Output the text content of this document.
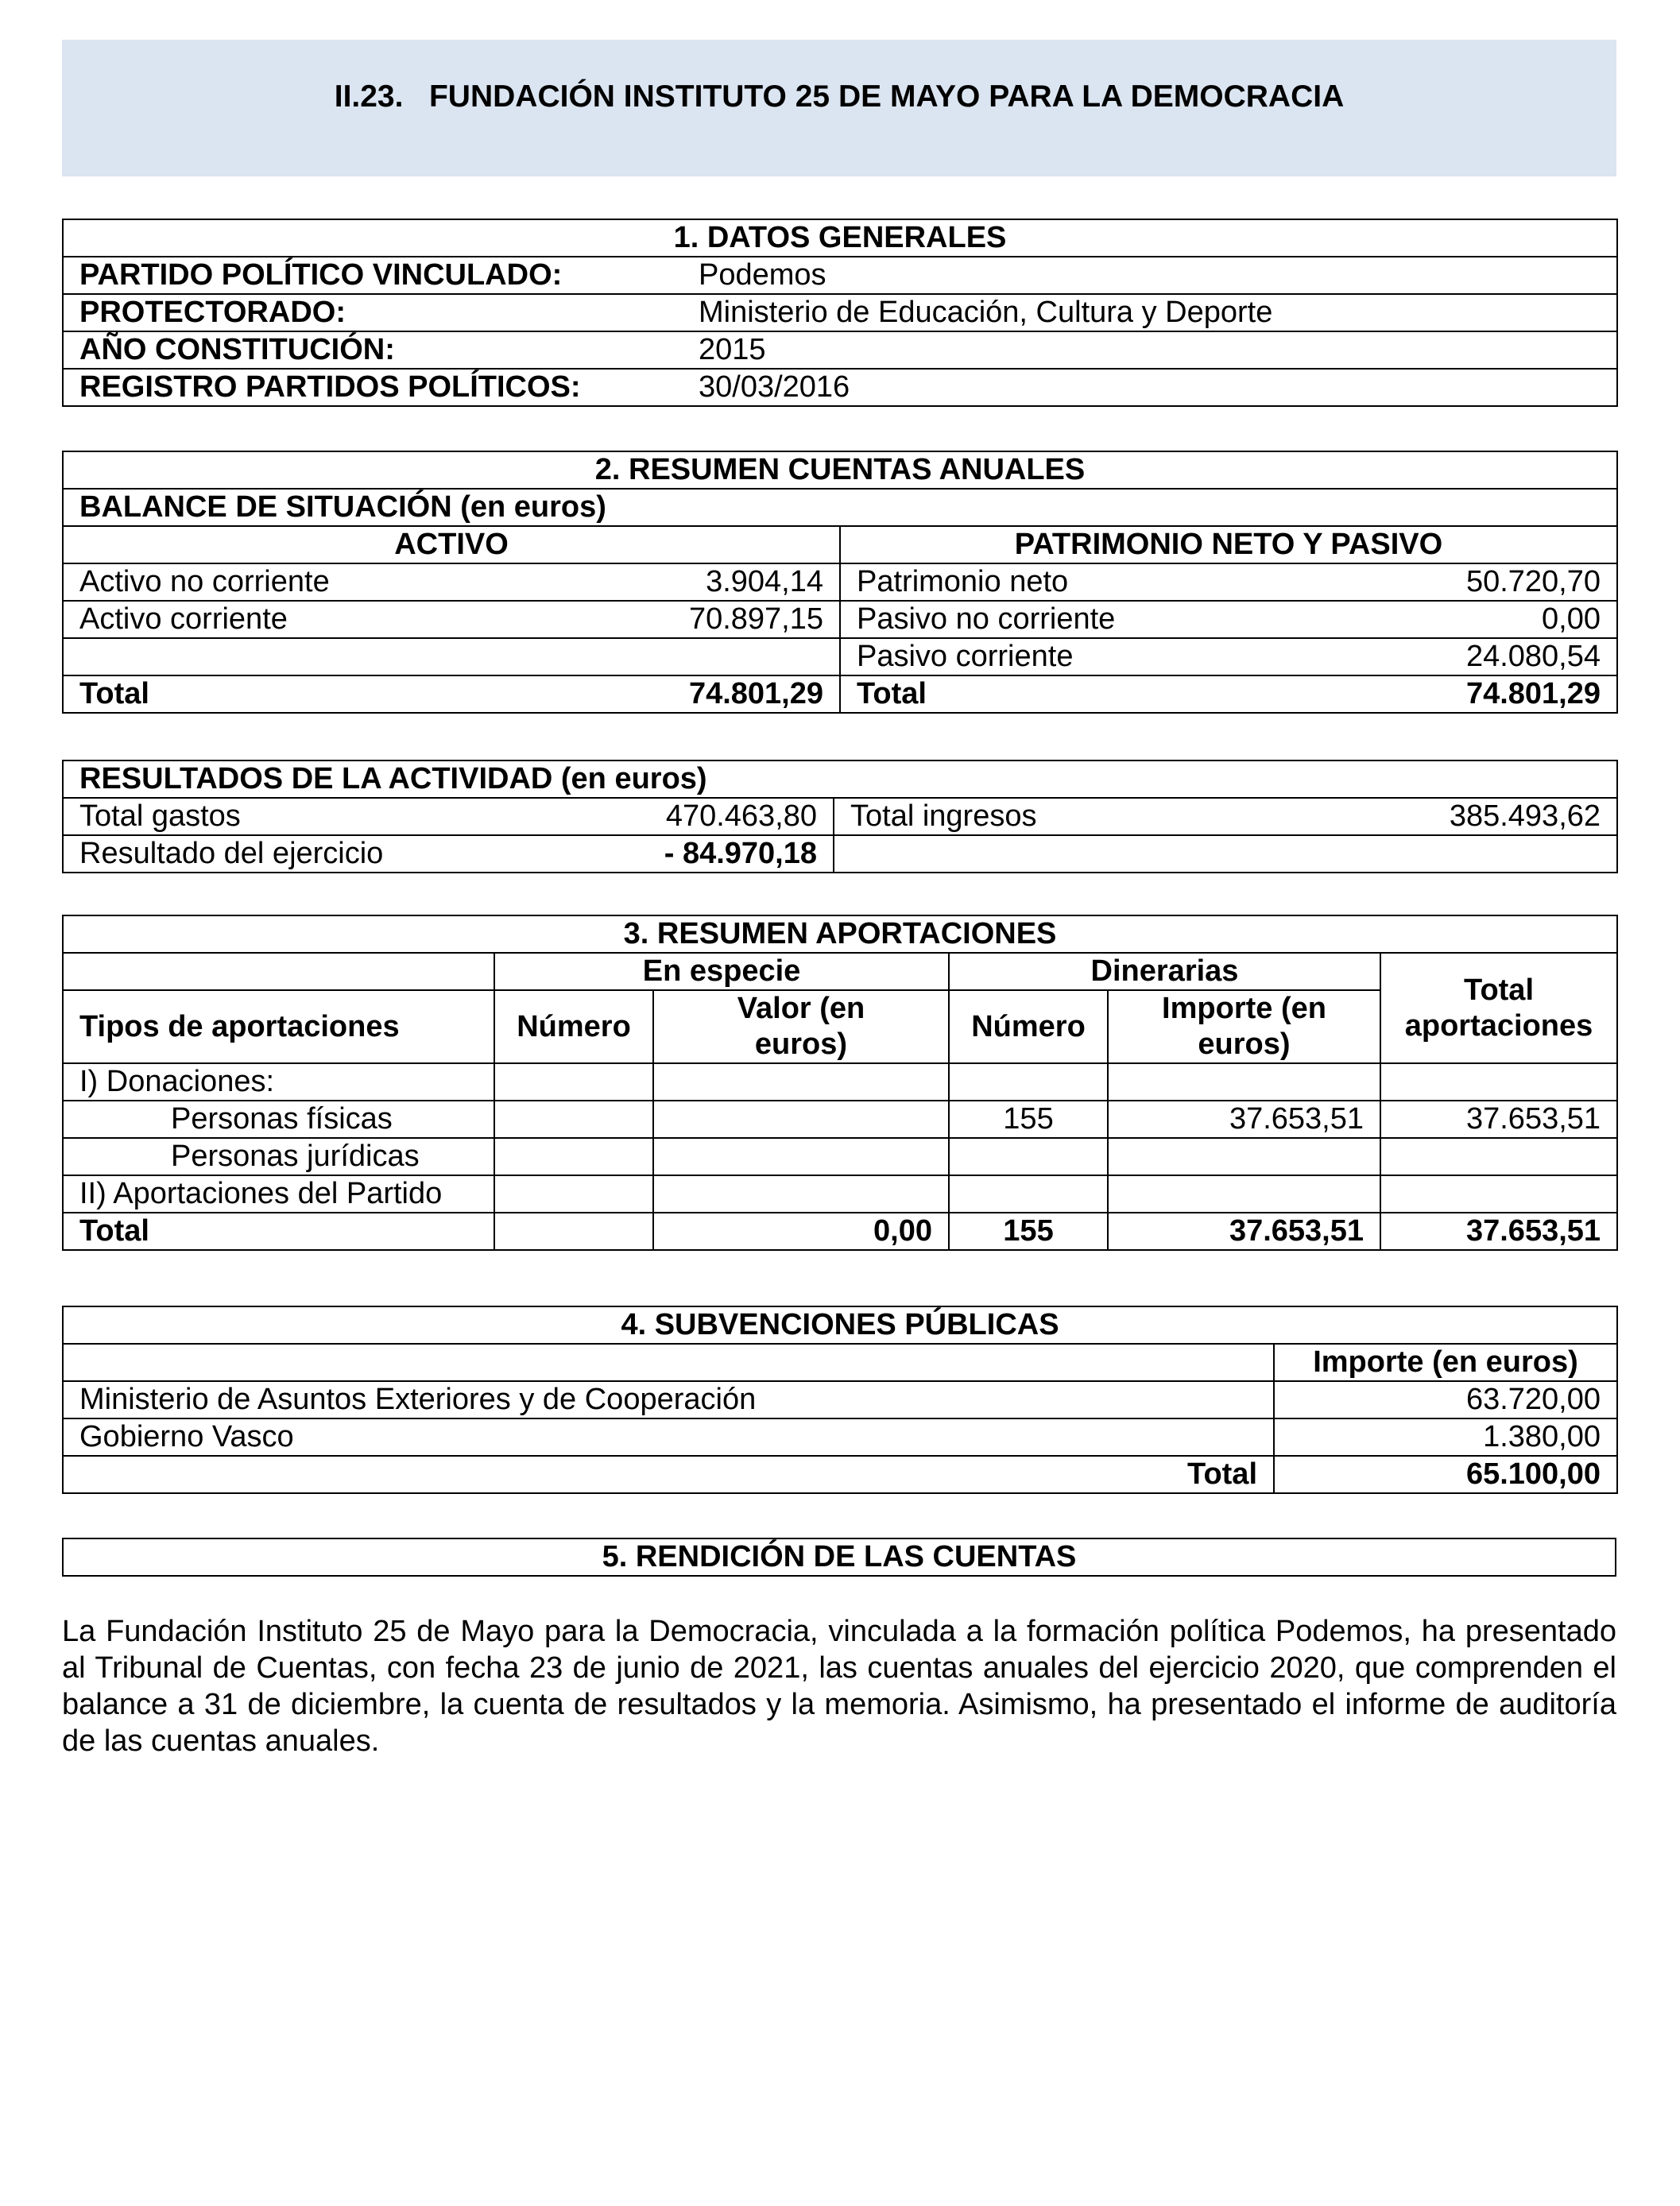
II.23.   FUNDACIÓN INSTITUTO 25 DE MAYO PARA LA DEMOCRACIA
1. DATOS GENERALES	
PARTIDO POLÍTICO VINCULADO:	Podemos
PROTECTORADO:	Ministerio de Educación, Cultura y Deporte
AÑO CONSTITUCIÓN:	2015
REGISTRO PARTIDOS POLÍTICOS:	30/03/2016
2. RESUMEN CUENTAS ANUALES			
BALANCE DE SITUACIÓN (en euros)			
ACTIVO		PATRIMONIO NETO Y PASIVO	
Activo no corriente	3.904,14	Patrimonio neto	50.720,70
Activo corriente	70.897,15	Pasivo no corriente	0,00
		Pasivo corriente	24.080,54
Total	74.801,29	Total	74.801,29
RESULTADOS DE LA ACTIVIDAD (en euros)			
Total gastos	470.463,80	Total ingresos	385.493,62
Resultado del ejercicio	- 84.970,18		
3. RESUMEN APORTACIONES					
	En especie		Dinerarias		Total aportaciones
Tipos de aportaciones	Número	Valor (en euros)	Número	Importe (en euros)	
I) Donaciones:					
Personas físicas			155	37.653,51	37.653,51
Personas jurídicas					
II) Aportaciones del Partido					
Total		0,00	155	37.653,51	37.653,51
4. SUBVENCIONES PÚBLICAS	
	Importe (en euros)
Ministerio de Asuntos Exteriores y de Cooperación	63.720,00
Gobierno Vasco	1.380,00
Total	65.100,00
5. RENDICIÓN DE LAS CUENTAS
La Fundación Instituto 25 de Mayo para la Democracia, vinculada a la formación política Podemos, ha presentado al Tribunal de Cuentas, con fecha 23 de junio de 2021, las cuentas anuales del ejercicio 2020, que comprenden el balance a 31 de diciembre, la cuenta de resultados y la memoria. Asimismo, ha presentado el informe de auditoría de las cuentas anuales.
